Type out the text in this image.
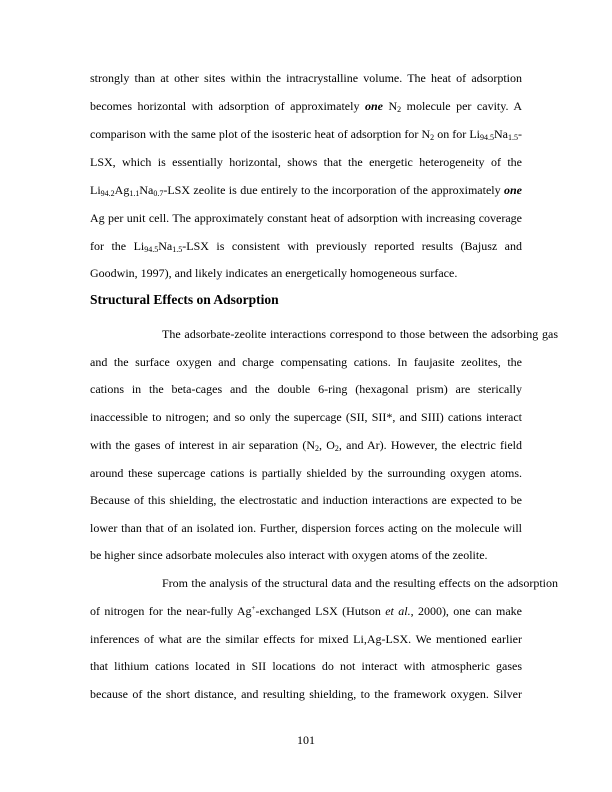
strongly than at other sites within the intracrystalline volume. The heat of adsorption
becomes horizontal with adsorption of approximately one $N_2$ molecule per cavity. A
comparison with the same plot of the isosteric heat of adsorption for $N_2$ on for $Li_{94.5}Na_{1.5}-$
LSX, which is essentially horizontal, shows that the energetic heterogeneity of the
$Li_{94.2}Ag_{1.1}Na_{0.7}$-LSX zeolite is due entirely to the incorporation of the approximately one
Ag per unit cell. The approximately constant heat of adsorption with increasing coverage
for the $Li_{94.5}Na_{1.5}$-LSX is consistent with previously reported results (Bajusz and
Goodwin, 1997), and likely indicates an energetically homogeneous surface.
Structural Effects on Adsorption
The adsorbate-zeolite interactions correspond to those between the adsorbing gas
and the surface oxygen and charge compensating cations. In faujasite zeolites, the
cations in the beta-cages and the double 6-ring (hexagonal prism) are sterically
inaccessible to nitrogen; and so only the supercage (SII, SII*, and SIII) cations interact
with the gases of interest in air separation ($N_2$, $O_2$, and Ar). However, the electric field
around these supercage cations is partially shielded by the surrounding oxygen atoms.
Because of this shielding, the electrostatic and induction interactions are expected to be
lower than that of an isolated ion. Further, dispersion forces acting on the molecule will
be higher since adsorbate molecules also interact with oxygen atoms of the zeolite.
From the analysis of the structural data and the resulting effects on the adsorption
of nitrogen for the near-fully Ag+-exchanged LSX (Hutson et al., 2000), one can make
inferences of what are the similar effects for mixed Li,Ag-LSX. We mentioned earlier
that lithium cations located in SII locations do not interact with atmospheric gases
because of the short distance, and resulting shielding, to the framework oxygen. Silver
101
